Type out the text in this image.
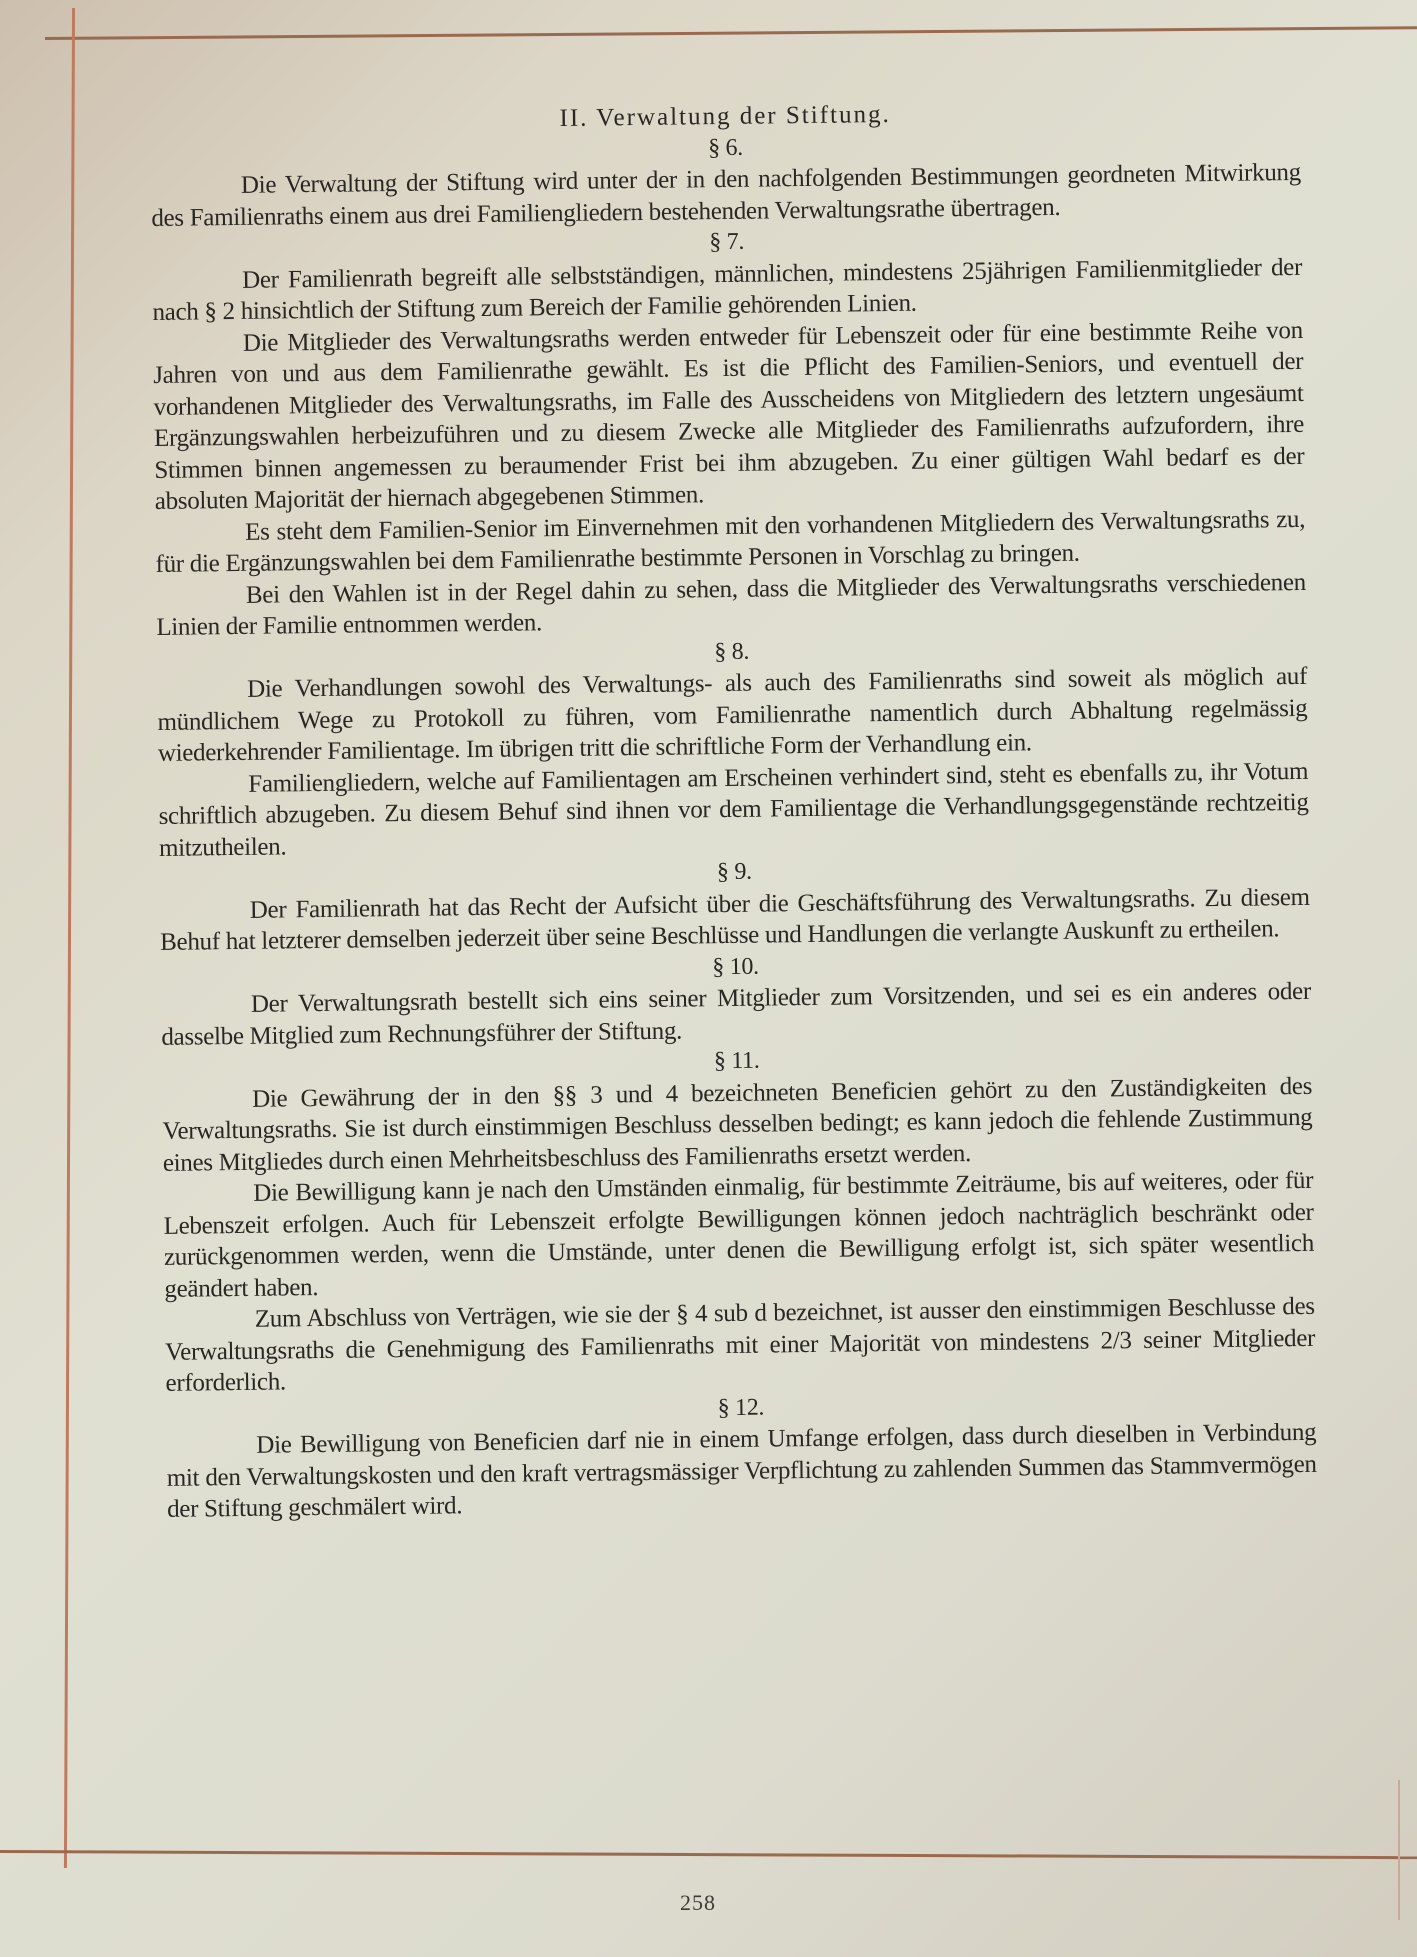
II. Verwaltung der Stiftung.

§ 6.

Die Verwaltung der Stiftung wird unter der in den nachfolgenden Bestimmungen geordneten Mitwirkung des Familienraths einem aus drei Familiengliedern bestehenden Verwaltungsrathe übertragen.

§ 7.

Der Familienrath begreift alle selbstständigen, männlichen, mindestens 25jährigen Familienmitglieder der nach § 2 hinsichtlich der Stiftung zum Bereich der Familie gehörenden Linien.

Die Mitglieder des Verwaltungsraths werden entweder für Lebenszeit oder für eine bestimmte Reihe von Jahren von und aus dem Familienrathe gewählt. Es ist die Pflicht des Familien-Seniors, und eventuell der vorhandenen Mitglieder des Verwaltungsraths, im Falle des Ausscheidens von Mitgliedern des letztern ungesäumt Ergänzungswahlen herbeizuführen und zu diesem Zwecke alle Mitglieder des Familienraths aufzufordern, ihre Stimmen binnen angemessen zu beraumender Frist bei ihm abzugeben. Zu einer gültigen Wahl bedarf es der absoluten Majorität der hiernach abgegebenen Stimmen.

Es steht dem Familien-Senior im Einvernehmen mit den vorhandenen Mitgliedern des Verwaltungsraths zu, für die Ergänzungswahlen bei dem Familienrathe bestimmte Personen in Vorschlag zu bringen.

Bei den Wahlen ist in der Regel dahin zu sehen, dass die Mitglieder des Verwaltungsraths verschiedenen Linien der Familie entnommen werden.

§ 8.

Die Verhandlungen sowohl des Verwaltungs- als auch des Familienraths sind soweit als möglich auf mündlichem Wege zu Protokoll zu führen, vom Familienrathe namentlich durch Abhaltung regelmässig wiederkehrender Familientage. Im übrigen tritt die schriftliche Form der Verhandlung ein.

Familiengliedern, welche auf Familientagen am Erscheinen verhindert sind, steht es ebenfalls zu, ihr Votum schriftlich abzugeben. Zu diesem Behuf sind ihnen vor dem Familientage die Verhandlungsgegenstände rechtzeitig mitzutheilen.

§ 9.

Der Familienrath hat das Recht der Aufsicht über die Geschäftsführung des Verwaltungsraths. Zu diesem Behuf hat letzterer demselben jederzeit über seine Beschlüsse und Handlungen die verlangte Auskunft zu ertheilen.

§ 10.

Der Verwaltungsrath bestellt sich eins seiner Mitglieder zum Vorsitzenden, und sei es ein anderes oder dasselbe Mitglied zum Rechnungsführer der Stiftung.

§ 11.

Die Gewährung der in den §§ 3 und 4 bezeichneten Beneficien gehört zu den Zuständigkeiten des Verwaltungsraths. Sie ist durch einstimmigen Beschluss desselben bedingt; es kann jedoch die fehlende Zustimmung eines Mitgliedes durch einen Mehrheitsbeschluss des Familienraths ersetzt werden.

Die Bewilligung kann je nach den Umständen einmalig, für bestimmte Zeiträume, bis auf weiteres, oder für Lebenszeit erfolgen. Auch für Lebenszeit erfolgte Bewilligungen können jedoch nachträglich beschränkt oder zurückgenommen werden, wenn die Umstände, unter denen die Bewilligung erfolgt ist, sich später wesentlich geändert haben.

Zum Abschluss von Verträgen, wie sie der § 4 sub d bezeichnet, ist ausser den einstimmigen Beschlusse des Verwaltungsraths die Genehmigung des Familienraths mit einer Majorität von mindestens 2/3 seiner Mitglieder erforderlich.

§ 12.

Die Bewilligung von Beneficien darf nie in einem Umfange erfolgen, dass durch dieselben in Verbindung mit den Verwaltungskosten und den kraft vertragsmässiger Verpflichtung zu zahlenden Summen das Stammvermögen der Stiftung geschmälert wird.

258
